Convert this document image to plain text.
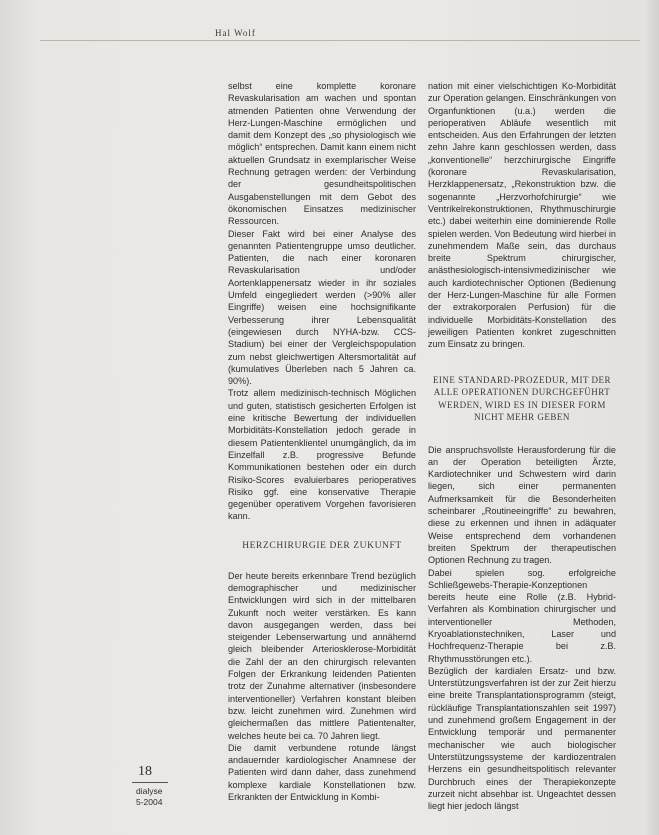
Hal Wolf

selbst eine komplette koronare Revaskularisation am wachen und spontan atmenden Patienten ohne Verwendung der Herz-Lungen-Maschine ermöglichen und damit dem Konzept des „so physiologisch wie möglich“ entsprechen. Damit kann einem nicht aktuellen Grundsatz in exemplarischer Weise Rechnung getragen werden: der Verbindung der gesundheitspolitischen Ausgabenstellungen mit dem Gebot des ökonomischen Einsatzes medizinischer Ressourcen.

Dieser Fakt wird bei einer Analyse des genannten Patientengruppe umso deutlicher. Patienten, die nach einer koronaren Revaskularisation und/oder Aortenklappenersatz wieder in ihr soziales Umfeld eingegliedert werden (>90% aller Eingriffe) weisen eine hochsignifikante Verbesserung ihrer Lebensqualität (eingewiesen durch NYHA-bzw. CCS-Stadium) bei einer der Vergleichspopulation zum nebst gleichwertigen Altersmortalität auf (kumulatives Überleben nach 5 Jahren ca. 90%).

Trotz allem medizinisch-technisch Möglichen und guten, statistisch gesicherten Erfolgen ist eine kritische Bewertung der individuellen Morbiditäts-Konstellation jedoch gerade in diesem Patientenklientel unumgänglich, da im Einzelfall z.B. progressive Befunde Kommunikationen bestehen oder ein durch Risiko-Scores evaluierbares perioperatives Risiko ggf. eine konservative Therapie gegenüber operativem Vorgehen favorisieren kann.

HERZCHIRURGIE DER ZUKUNFT

Der heute bereits erkennbare Trend bezüglich demographischer und medizinischer Entwicklungen wird sich in der mittelbaren Zukunft noch weiter verstärken. Es kann davon ausgegangen werden, dass bei steigender Lebenserwartung und annähernd gleich bleibender Arteriosklerose-Morbidität die Zahl der an den chirurgisch relevanten Folgen der Erkrankung leidenden Patienten trotz der Zunahme alternativer (insbesondere interventioneller) Verfahren konstant bleiben bzw. leicht zunehmen wird. Zunehmen wird gleichermaßen das mittlere Patientenalter, welches heute bei ca. 70 Jahren liegt.

Die damit verbundene rotunde längst andauernder kardiologischer Anamnese der Patienten wird dann daher, dass zunehmend komplexe kardiale Konstellationen bzw. Erkrankten der Entwicklung in Kombi-

nation mit einer vielschichtigen Ko-Morbidität zur Operation gelangen. Einschränkungen von Organfunktionen (u.a.) werden die perioperativen Abläufe wesentlich mit entscheiden. Aus den Erfahrungen der letzten zehn Jahre kann geschlossen werden, dass „konventionelle“ herzchirurgische Eingriffe (koronare Revaskularisation, Herzklappenersatz, „Rekonstruktion bzw. die sogenannte „Herzvorhofchirurgie“ wie Ventrikelrekonstruktionen, Rhythmuschirurgie etc.) dabei weiterhin eine dominierende Rolle spielen werden. Von Bedeutung wird hierbei in zunehmendem Maße sein, das durchaus breite Spektrum chirurgischer, anästhesiologisch-intensivmedizinischer wie auch kardiotechnischer Optionen (Bedienung der Herz-Lungen-Maschine für alle Formen der extrakorporalen Perfusion) für die individuelle Morbiditäts-Konstellation des jeweiligen Patienten konkret zugeschnitten zum Einsatz zu bringen.

EINE STANDARD-PROZEDUR, MIT DER ALLE OPERATIONEN DURCHGEFÜHRT WERDEN, WIRD ES IN DIESER FORM NICHT MEHR GEBEN

Die anspruchsvollste Herausforderung für die an der Operation beteiligten Ärzte, Kardiotechniker und Schwestern wird darin liegen, sich einer permanenten Aufmerksamkeit für die Besonderheiten scheinbarer „Routineeingriffe“ zu bewahren, diese zu erkennen und ihnen in adäquater Weise entsprechend dem vorhandenen breiten Spektrum der therapeutischen Optionen Rechnung zu tragen.

Dabei spielen sog. erfolgreiche Schließgewebs-Therapie-Konzeptionen bereits heute eine Rolle (z.B. Hybrid-Verfahren als Kombination chirurgischer und interventioneller Methoden, Kryoablationstechniken, Laser und Hochfrequenz-Therapie bei z.B. Rhythmusstörungen etc.).

Bezüglich der kardialen Ersatz- und bzw. Unterstützungsverfahren ist der zur Zeit hierzu eine breite Transplantationsprogramm (steigt, rückläufige Transplantationszahlen seit 1997) und zunehmend großem Engagement in der Entwicklung temporär und permanenter mechanischer wie auch biologischer Unterstützungssysteme der kardiozentralen Herzens ein gesundheitspolitisch relevanter Durchbruch eines der Therapiekonzepte zurzeit nicht absehbar ist. Ungeachtet dessen liegt hier jedoch längst

18
dialyse
5-2004
